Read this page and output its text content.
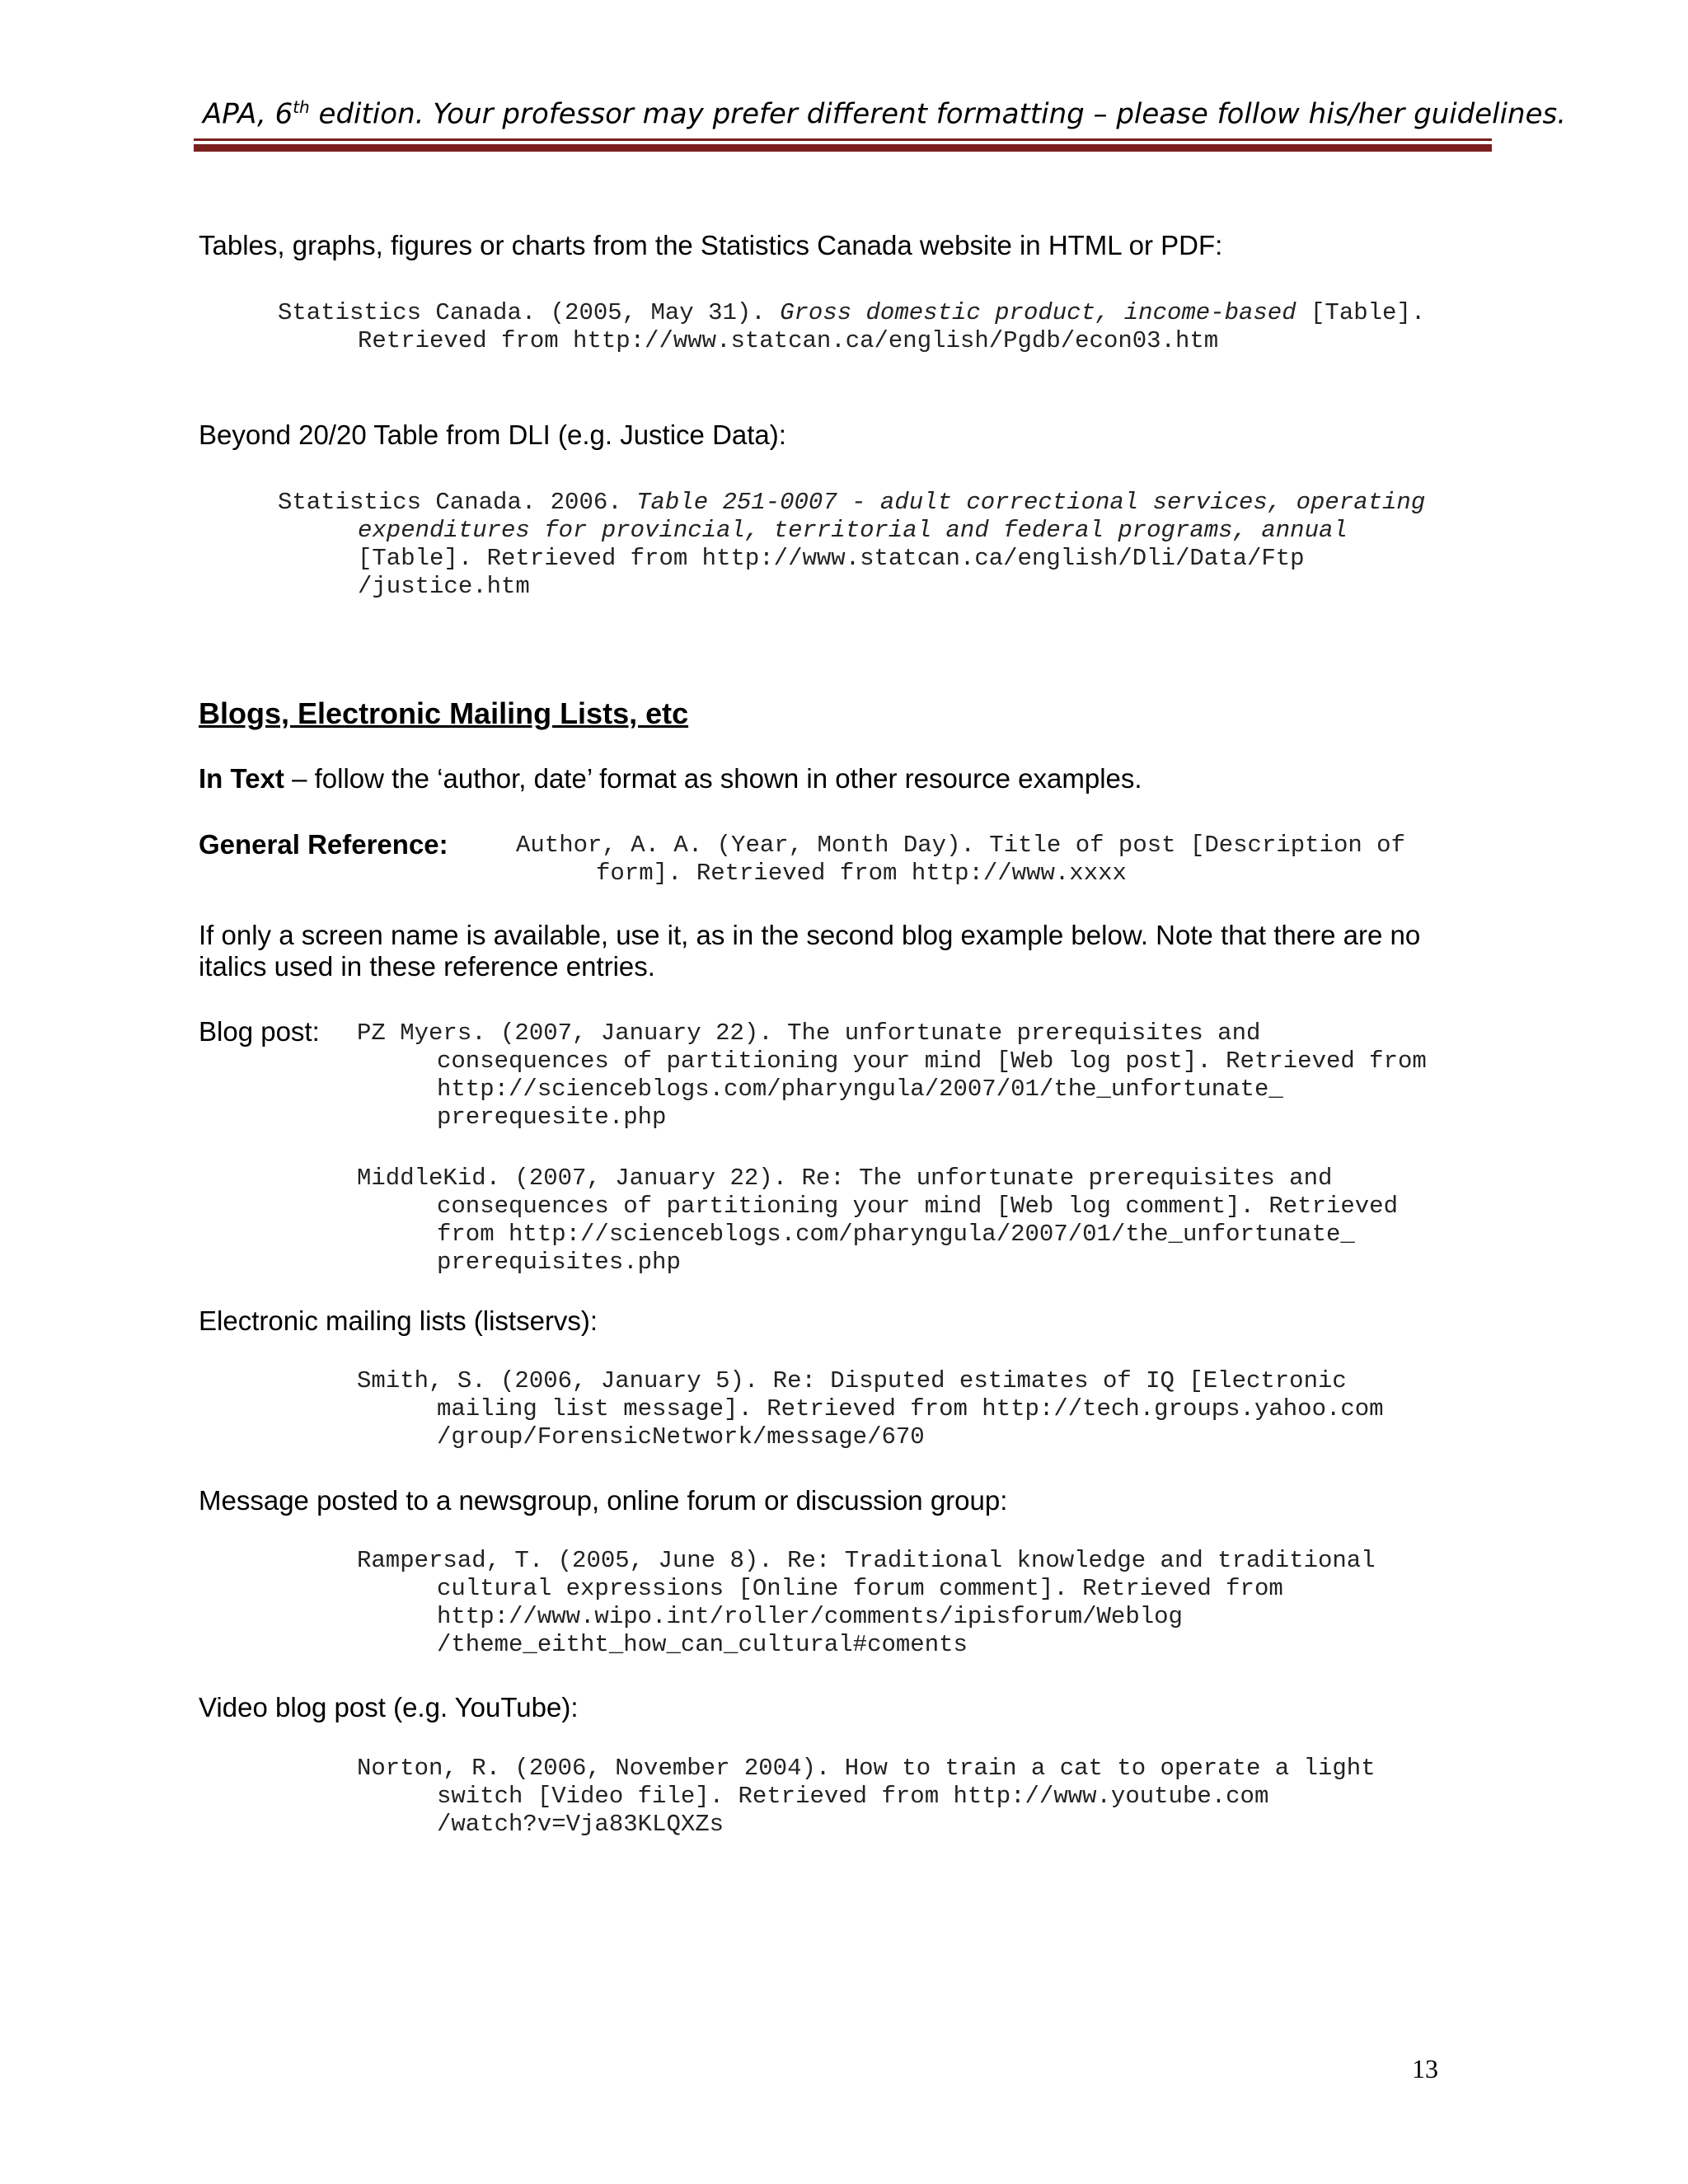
APA, 6th edition. Your professor may prefer different formatting – please follow his/her guidelines.
Tables, graphs, figures or charts from the Statistics Canada website in HTML or PDF:
Statistics Canada. (2005, May 31). Gross domestic product, income-based [Table].
Retrieved from http://www.statcan.ca/english/Pgdb/econ03.htm
Beyond 20/20 Table from DLI (e.g. Justice Data):
Statistics Canada. 2006. Table 251-0007 - adult correctional services, operating
expenditures for provincial, territorial and federal programs, annual
[Table]. Retrieved from http://www.statcan.ca/english/Dli/Data/Ftp
/justice.htm
Blogs, Electronic Mailing Lists, etc
In Text – follow the ‘author, date’ format as shown in other resource examples.
General Reference:	Author, A. A. (Year, Month Day). Title of post [Description of
form]. Retrieved from http://www.xxxx
If only a screen name is available, use it, as in the second blog example below. Note that there are no
italics used in these reference entries.
Blog post: PZ Myers. (2007, January 22). The unfortunate prerequisites and
consequences of partitioning your mind [Web log post]. Retrieved from
http://scienceblogs.com/pharyngula/2007/01/the_unfortunate_
prerequesite.php
MiddleKid. (2007, January 22). Re: The unfortunate prerequisites and
consequences of partitioning your mind [Web log comment]. Retrieved
from http://scienceblogs.com/pharyngula/2007/01/the_unfortunate_
prerequisites.php
Electronic mailing lists (listservs):
Smith, S. (2006, January 5). Re: Disputed estimates of IQ [Electronic
mailing list message]. Retrieved from http://tech.groups.yahoo.com
/group/ForensicNetwork/message/670
Message posted to a newsgroup, online forum or discussion group:
Rampersad, T. (2005, June 8). Re: Traditional knowledge and traditional
cultural expressions [Online forum comment]. Retrieved from
http://www.wipo.int/roller/comments/ipisforum/Weblog
/theme_eitht_how_can_cultural#coments
Video blog post (e.g. YouTube):
Norton, R. (2006, November 2004). How to train a cat to operate a light
switch [Video file]. Retrieved from http://www.youtube.com
/watch?v=Vja83KLQXZs
13
